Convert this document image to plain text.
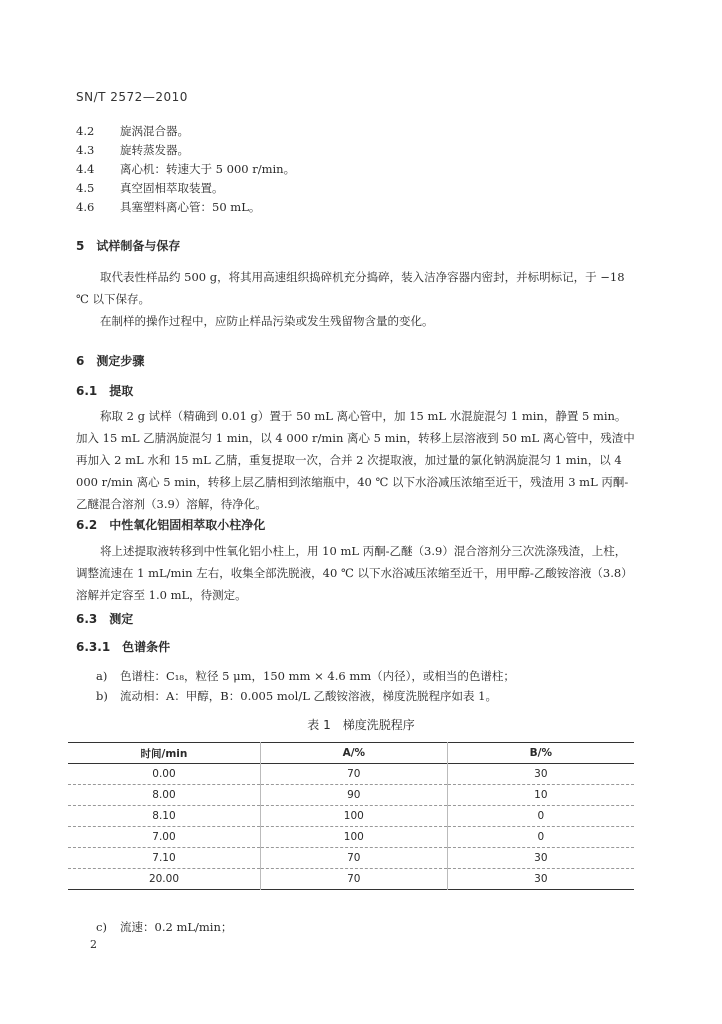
SN/T 2572—2010
4.2 旋涡混合器。
4.3 旋转蒸发器。
4.4 离心机：转速大于 5 000 r/min。
4.5 真空固相萃取装置。
4.6 具塞塑料离心管：50 mL。
5　试样制备与保存
取代表性样品约 500 g，将其用高速组织捣碎机充分捣碎，装入洁净容器内密封，并标明标记，于 −18 ℃ 以下保存。
在制样的操作过程中，应防止样品污染或发生残留物含量的变化。
6　测定步骤
6.1　提取
称取 2 g 试样（精确到 0.01 g）置于 50 mL 离心管中，加 15 mL 水混旋混匀 1 min，静置 5 min。加入 15 mL 乙腈涡旋混匀 1 min，以 4 000 r/min 离心 5 min，转移上层溶液到 50 mL 离心管中，残渣中再加入 2 mL 水和 15 mL 乙腈，重复提取一次，合并 2 次提取液，加过量的氯化钠涡旋混匀 1 min，以 4 000 r/min 离心 5 min，转移上层乙腈相到浓缩瓶中，40 ℃ 以下水浴减压浓缩至近干，残渣用 3 mL 丙酮-乙醚混合溶剂（3.9）溶解，待净化。
6.2　中性氧化铝固相萃取小柱净化
将上述提取液转移到中性氧化铝小柱上，用 10 mL 丙酮-乙醚（3.9）混合溶剂分三次洗涤残渣，上柱，调整流速在 1 mL/min 左右，收集全部洗脱液，40 ℃ 以下水浴减压浓缩至近干，用甲醇-乙酸铵溶液（3.8）溶解并定容至 1.0 mL，待测定。
6.3　测定
6.3.1　色谱条件
a) 色谱柱：C₁₈，粒径 5 μm，150 mm × 4.6 mm（内径），或相当的色谱柱；
b) 流动相：A：甲醇，B：0.005 mol/L 乙酸铵溶液，梯度洗脱程序如表 1。
表 1　梯度洗脱程序
时间/min	A/%	B/%
0.00	70	30
8.00	90	10
8.10	100	0
7.00	100	0
7.10	70	30
20.00	70	30
c) 流速：0.2 mL/min；
2
